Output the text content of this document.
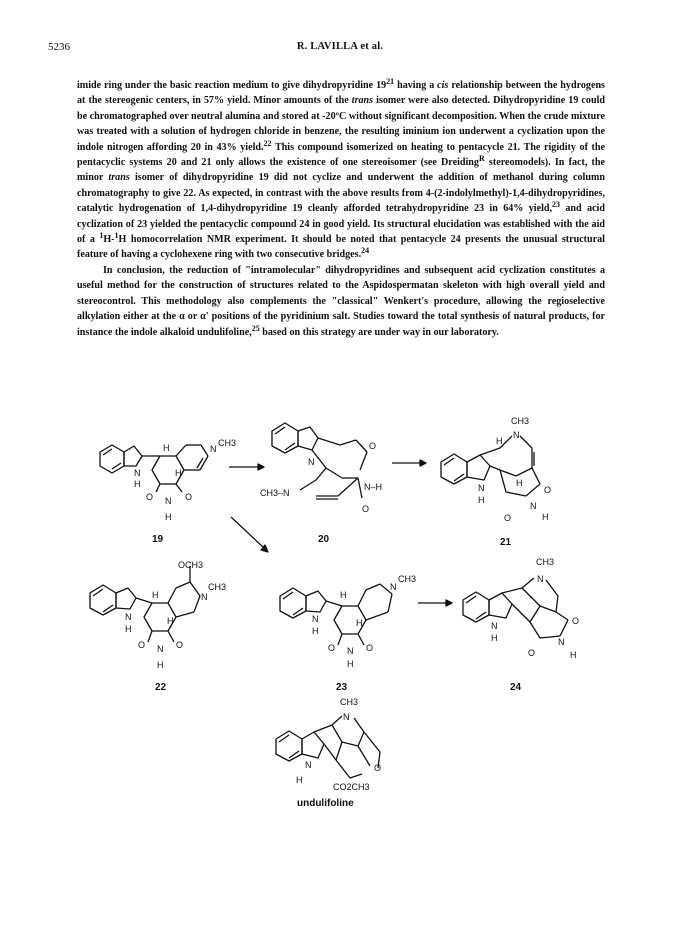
5236	R. LAVILLA et al.

imide ring under the basic reaction medium to give dihydropyridine $19^{21}$ having a cis relationship between the hydrogens at the stereogenic centers, in 57% yield. Minor amounts of the trans isomer were also detected. Dihydropyridine 19 could be chromatographed over neutral alumina and stored at -20ºC without significant decomposition. When the crude mixture was treated with a solution of hydrogen chloride in benzene, the resulting iminium ion underwent a cyclization upon the indole nitrogen affording 20 in 43% yield.$^{22}$ This compound isomerized on heating to pentacycle 21. The rigidity of the pentacyclic systems 20 and 21 only allows the existence of one stereoisomer (see Dreiding$^R$ stereomodels). In fact, the minor trans isomer of dihydropyridine 19 did not cyclize and underwent the addition of methanol during column chromatography to give 22. As expected, in contrast with the above results from 4-(2-indolylmethyl)-1,4-dihydropyridines, catalytic hydrogenation of 1,4-dihydropyridine 19 cleanly afforded tetrahydropyridine 23 in 64% yield,$^{23}$ and acid cyclization of 23 yielded the pentacyclic compound 24 in good yield. Its structural elucidation was established with the aid of a $^1$H-$^1$H homocorrelation NMR experiment. It should be noted that pentacycle 24 presents the unusual structural feature of having a cyclohexene ring with two consecutive bridges.$^{24}$

In conclusion, the reduction of "intramolecular" dihydropyridines and subsequent acid cyclization constitutes a useful method for the construction of structures related to the Aspidospermatan skeleton with high overall yield and stereocontrol. This methodology also complements the "classical" Wenkert's procedure, allowing the regioselective alkylation either at the α or α' positions of the pyridinium salt. Studies toward the total synthesis of natural products, for instance the indole alkaloid undulifoline,$^{25}$ based on this strategy are under way in our laboratory.

N
H
H
H
N
CH3
O	O
N
H
19
N
CH3–N
N–H
O
O
20
CH3
N
H
N
H
H
O
N
H
O
21
OCH3
N
CH3
H
H
N
H
O	O
N
H
22
N
CH3
H
H
N
H
O	O
N
H
23
CH3
N
N
H
O
N
H
O
24
CH3
N
N
H
O
CO2CH3
undulifoline
